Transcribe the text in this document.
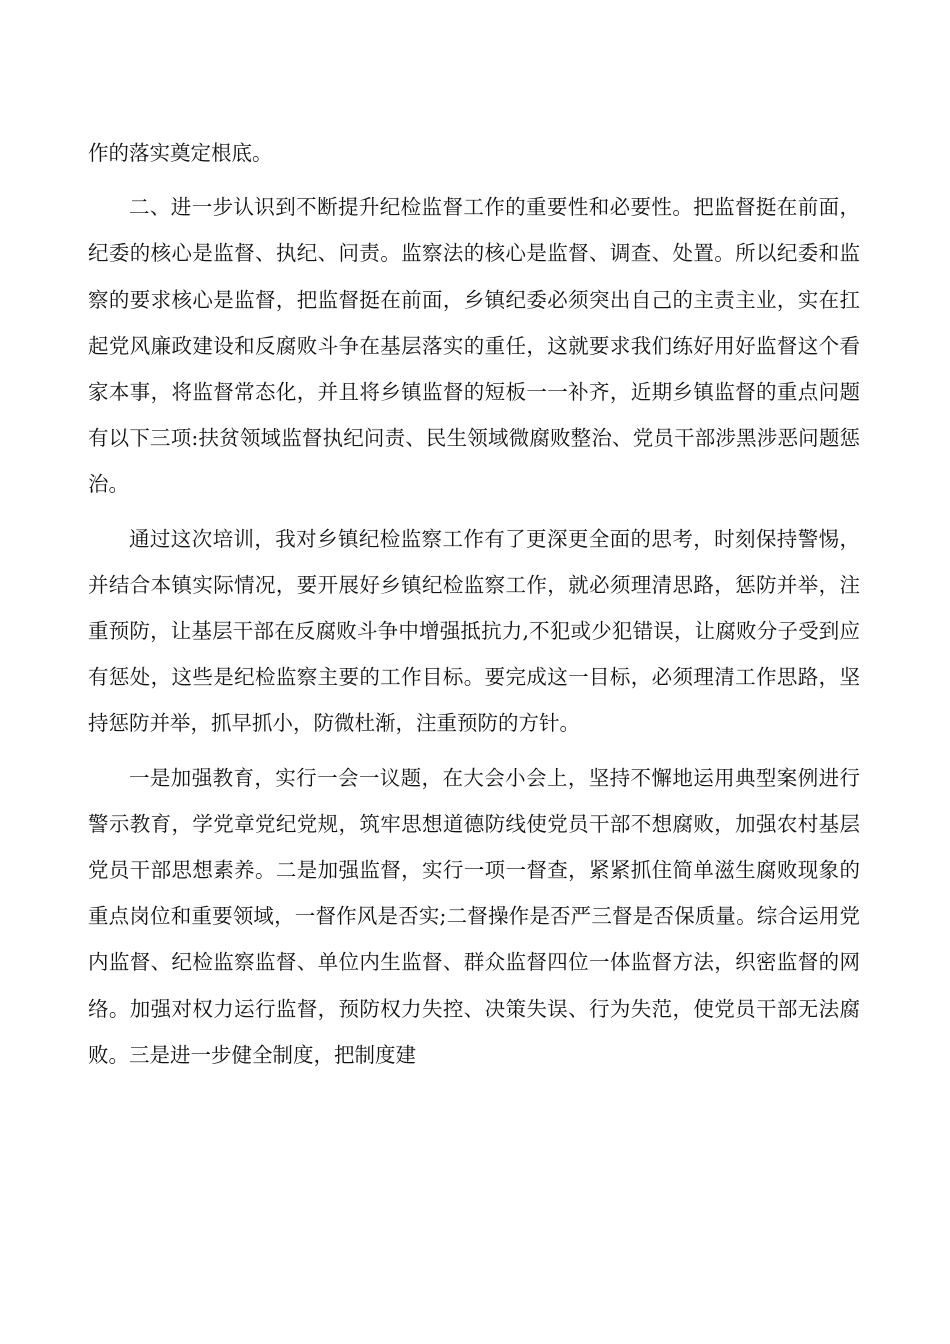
作的落实奠定根底。

二、进一步认识到不断提升纪检监督工作的重要性和必要性。把监督挺在前面，纪委的核心是监督、执纪、问责。监察法的核心是监督、调查、处置。所以纪委和监察的要求核心是监督，把监督挺在前面，乡镇纪委必须突出自己的主责主业，实在扛起党风廉政建设和反腐败斗争在基层落实的重任，这就要求我们练好用好监督这个看家本事，将监督常态化，并且将乡镇监督的短板一一补齐，近期乡镇监督的重点问题有以下三项:扶贫领域监督执纪问责、民生领域微腐败整治、党员干部涉黑涉恶问题惩治。

通过这次培训，我对乡镇纪检监察工作有了更深更全面的思考，时刻保持警惕，并结合本镇实际情况，要开展好乡镇纪检监察工作，就必须理清思路，惩防并举，注重预防，让基层干部在反腐败斗争中增强抵抗力,不犯或少犯错误，让腐败分子受到应有惩处，这些是纪检监察主要的工作目标。要完成这一目标，必须理清工作思路，坚持惩防并举，抓早抓小，防微杜渐，注重预防的方针。

一是加强教育，实行一会一议题，在大会小会上，坚持不懈地运用典型案例进行警示教育，学党章党纪党规，筑牢思想道德防线使党员干部不想腐败，加强农村基层党员干部思想素养。二是加强监督，实行一项一督查，紧紧抓住简单滋生腐败现象的重点岗位和重要领域，一督作风是否实;二督操作是否严三督是否保质量。综合运用党内监督、纪检监察监督、单位内生监督、群众监督四位一体监督方法，织密监督的网络。加强对权力运行监督，预防权力失控、决策失误、行为失范，使党员干部无法腐败。三是进一步健全制度，把制度建
